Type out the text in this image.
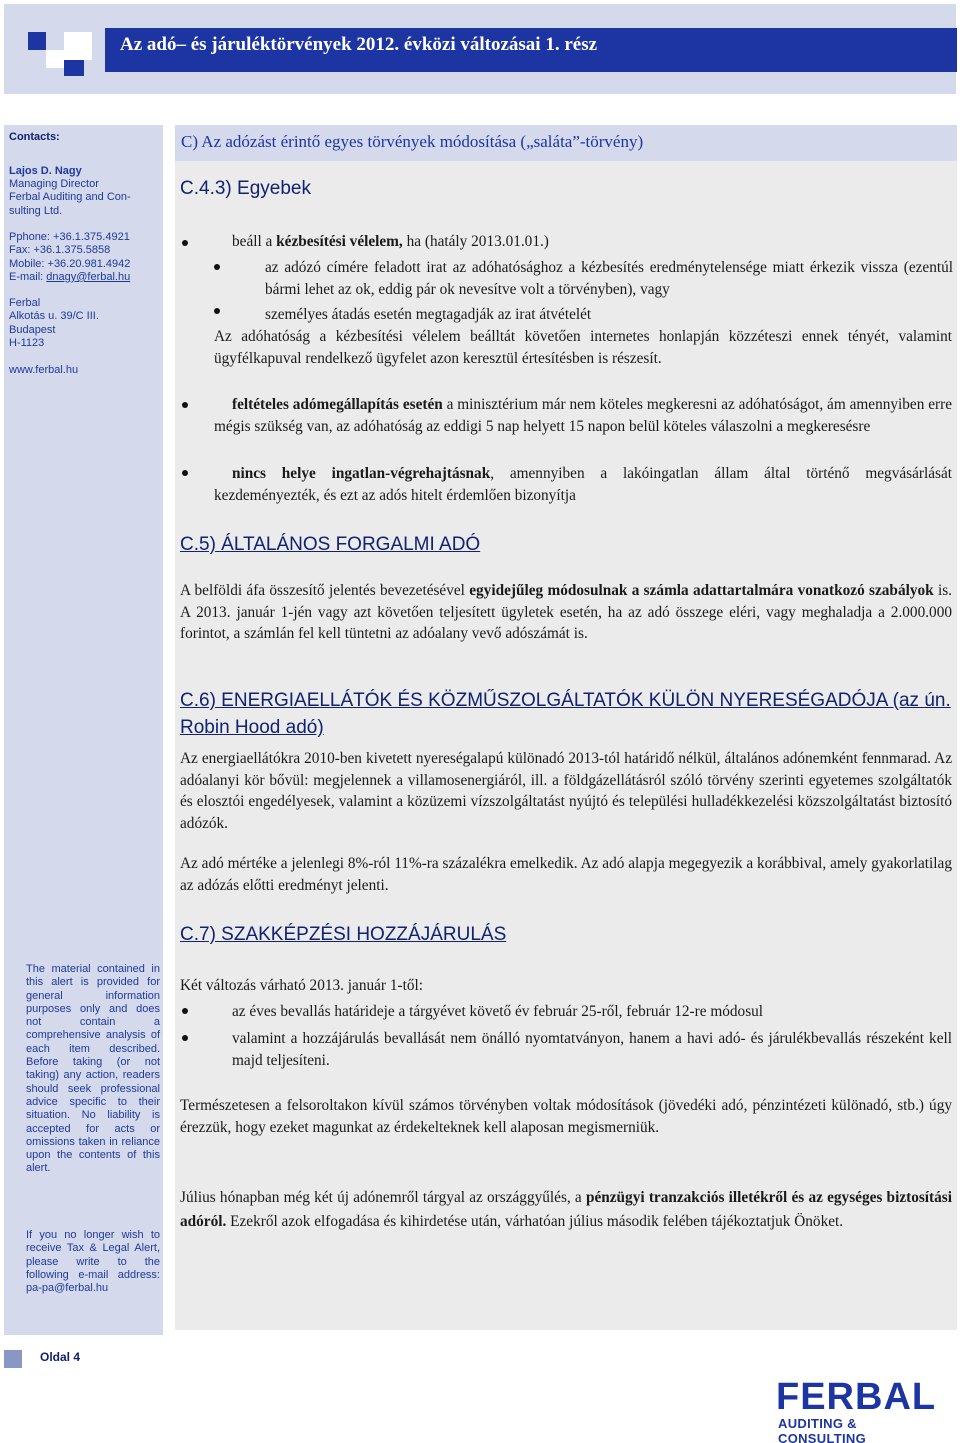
Az adó– és járuléktörvények 2012. évközi változásai 1. rész
Contacts:
Lajos D. Nagy
Managing Director
Ferbal Auditing and Con-
sulting Ltd.
Pphone: +36.1.375.4921
Fax: +36.1.375.5858
Mobile: +36.20.981.4942
E-mail: dnagy@ferbal.hu
Ferbal
Alkotás u. 39/C III.
Budapest
H-1123
www.ferbal.hu
The material contained in this alert is provided for general information purposes only and does not contain a comprehensive analysis of each item described. Before taking (or not taking) any action, readers should seek professional advice specific to their situation. No liability is accepted for acts or omissions taken in reliance upon the contents of this alert.
If you no longer wish to receive Tax & Legal Alert, please write to the following e-mail address: pa-pa@ferbal.hu
C) Az adózást érintő egyes törvények módosítása („saláta”-törvény)
C.4.3) Egyebek
beáll a kézbesítési vélelem, ha (hatály 2013.01.01.)
az adózó címére feladott irat az adóhatósághoz a kézbesítés eredménytelensége miatt érkezik vissza (ezentúl bármi lehet az ok, eddig pár ok nevesítve volt a törvényben), vagy
személyes átadás esetén megtagadják az irat átvételét
Az adóhatóság a kézbesítési vélelem beálltát követően internetes honlapján közzéteszi ennek tényét, valamint ügyfélkapuval rendelkező ügyfelet azon keresztül értesítésben is részesít.
feltételes adómegállapítás esetén a minisztérium már nem köteles megkeresni az adóhatóságot, ám amennyiben erre mégis szükség van, az adóhatóság az eddigi 5 nap helyett 15 napon belül köteles válaszolni a megkeresésre
nincs helye ingatlan-végrehajtásnak, amennyiben a lakóingatlan állam által történő megvásárlását kezdeményezték, és ezt az adós hitelt érdemlően bizonyítja
C.5) ÁLTALÁNOS FORGALMI ADÓ
A belföldi áfa összesítő jelentés bevezetésével egyidejűleg módosulnak a számla adattartalmára vonatkozó szabályok is. A 2013. január 1-jén vagy azt követően teljesített ügyletek esetén, ha az adó összege eléri, vagy meghaladja a 2.000.000 forintot, a számlán fel kell tüntetni az adóalany vevő adószámát is.
C.6) ENERGIAELLÁTÓK ÉS KÖZMŰSZOLGÁLTATÓK KÜLÖN NYERESÉGADÓJA (az ún. Robin Hood adó)
Az energiaellátókra 2010-ben kivetett nyereségalapú különadó 2013-tól határidő nélkül, általános adónemként fennmarad. Az adóalanyi kör bővül: megjelennek a villamosenergiáról, ill. a földgázellátásról szóló törvény szerinti egyetemes szolgáltatók és elosztói engedélyesek, valamint a közüzemi vízszolgáltatást nyújtó és települési hulladékkezelési közszolgáltatást biztosító adózók.
Az adó mértéke a jelenlegi 8%-ról 11%-ra százalékra emelkedik. Az adó alapja megegyezik a korábbival, amely gyakorlatilag az adózás előtti eredményt jelenti.
C.7) SZAKKÉPZÉSI HOZZÁJÁRULÁS
Két változás várható 2013. január 1-től:
az éves bevallás határideje a tárgyévet követő év február 25-ről, február 12-re módosul
valamint a hozzájárulás bevallását nem önálló nyomtatványon, hanem a havi adó- és járulékbevallás részeként kell majd teljesíteni.
Természetesen a felsoroltakon kívül számos törvényben voltak módosítások (jövedéki adó, pénzintézeti különadó, stb.) úgy érezzük, hogy ezeket magunkat az érdekelteknek kell alaposan megismerniük.
Július hónapban még két új adónemről tárgyal az országgyűlés, a pénzügyi tranzakciós illetékről és az egységes biztosítási adóról. Ezekről azok elfogadása és kihirdetése után, várhatóan július második felében tájékoztatjuk Önöket.
Oldal 4
FERBAL
AUDITING & CONSULTING
